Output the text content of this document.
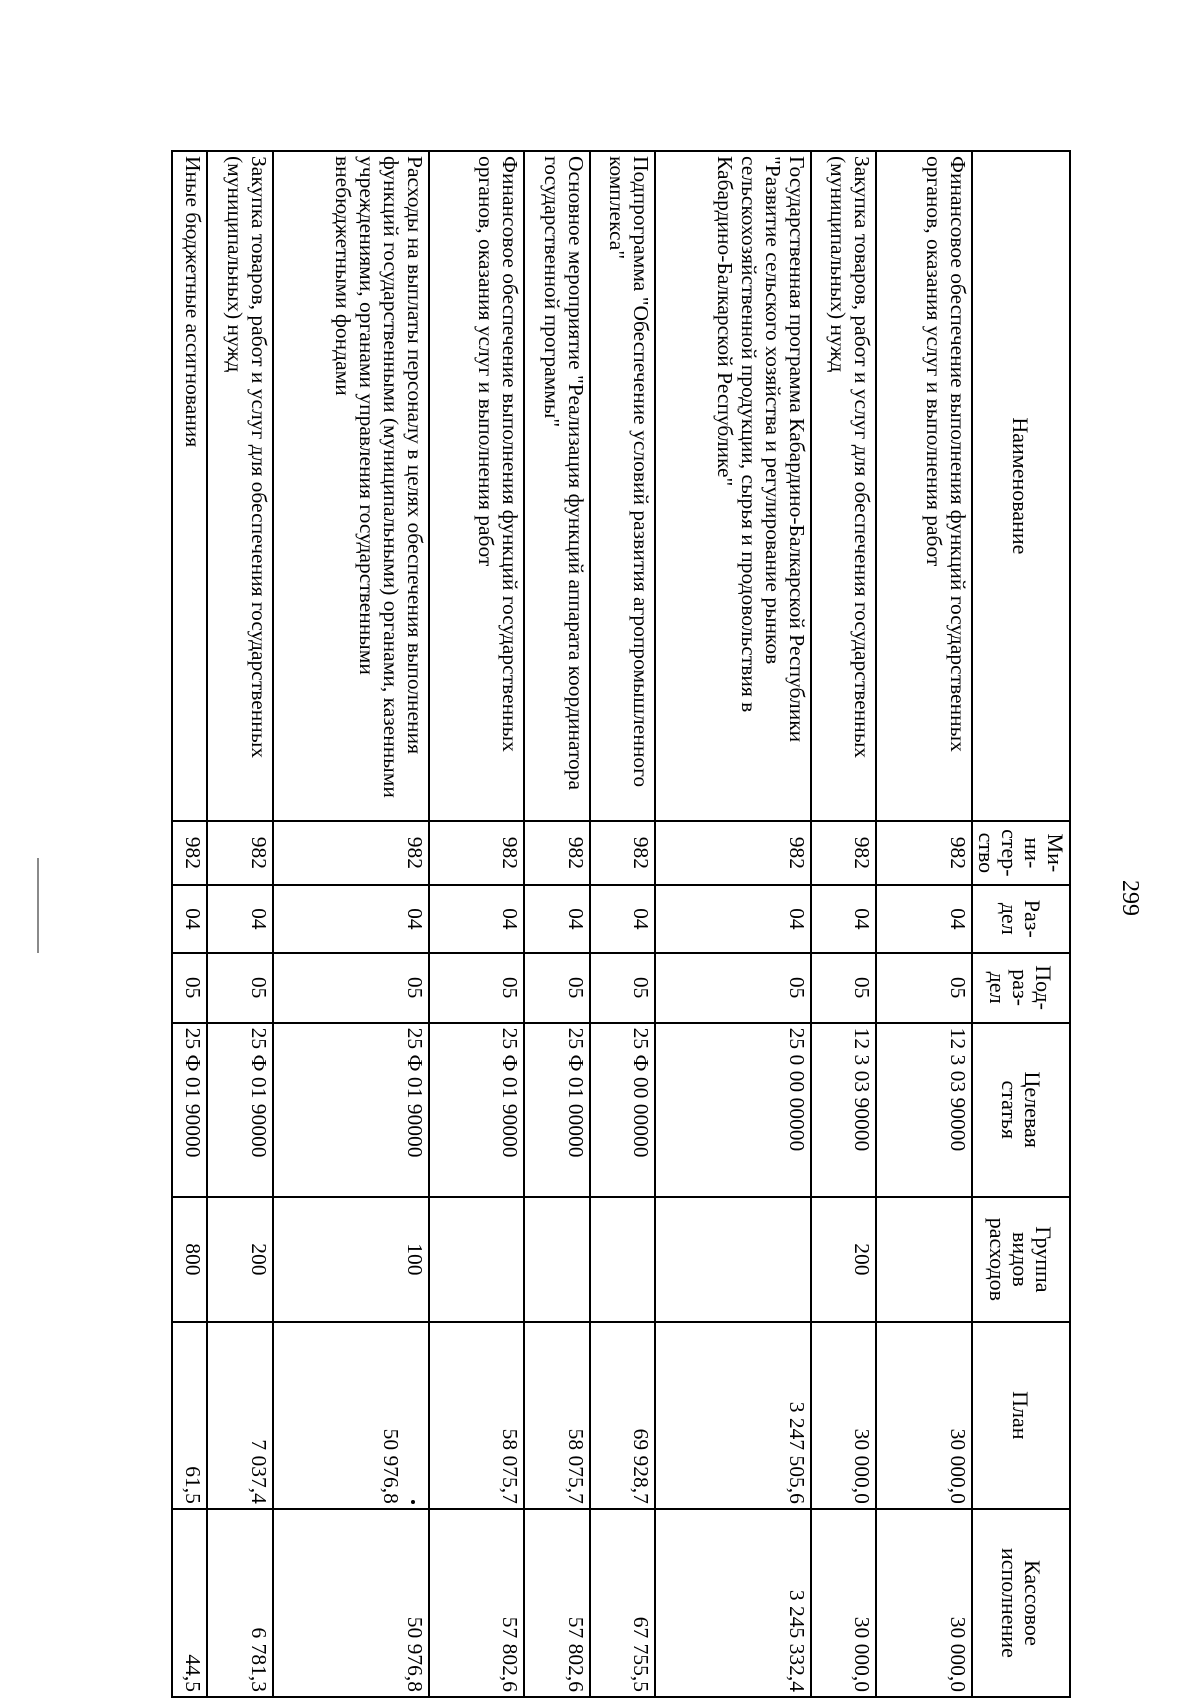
299
Наименование	Ми-
ни-
стер-
ство	Раз-
дел	Под-
раз-
дел	Целевая
статья	Группа
видов
расходов	План	Кассовое
исполнение
Финансовое обеспечение выполнения функций государственных органов, оказания услуг и выполнения работ	982	04	05	12 3 03 90000		30 000,0	30 000,0
Закупка товаров, работ и услуг для обеспечения государственных (муниципальных) нужд	982	04	05	12 3 03 90000	200	30 000,0	30 000,0
Государственная программа Кабардино-Балкарской Республики "Развитие сельского хозяйства и регулирование рынков сельскохозяйственной продукции, сырья и продовольствия в Кабардино-Балкарской Республике"	982	04	05	25 0 00 00000		3 247 505,6	3 245 332,4
Подпрограмма "Обеспечение условий развития агропромышленного комплекса"	982	04	05	25 Ф 00 00000		69 928,7	67 755,5
Основное мероприятие "Реализация функций аппарата координатора государственной программы"	982	04	05	25 Ф 01 00000		58 075,7	57 802,6
Финансовое обеспечение выполнения функций государственных органов, оказания услуг и выполнения работ	982	04	05	25 Ф 01 90000		58 075,7	57 802,6
Расходы на выплаты персоналу в целях обеспечения выполнения функций государственными (муниципальными) органами, казенными учреждениями, органами управления государственными внебюджетными фондами	982	04	05	25 Ф 01 90000	100	50 976,8	50 976,8
Закупка товаров, работ и услуг для обеспечения государственных (муниципальных) нужд	982	04	05	25 Ф 01 90000	200	7 037,4	6 781,3
Иные бюджетные ассигнования	982	04	05	25 Ф 01 90000	800	61,5	44,5
